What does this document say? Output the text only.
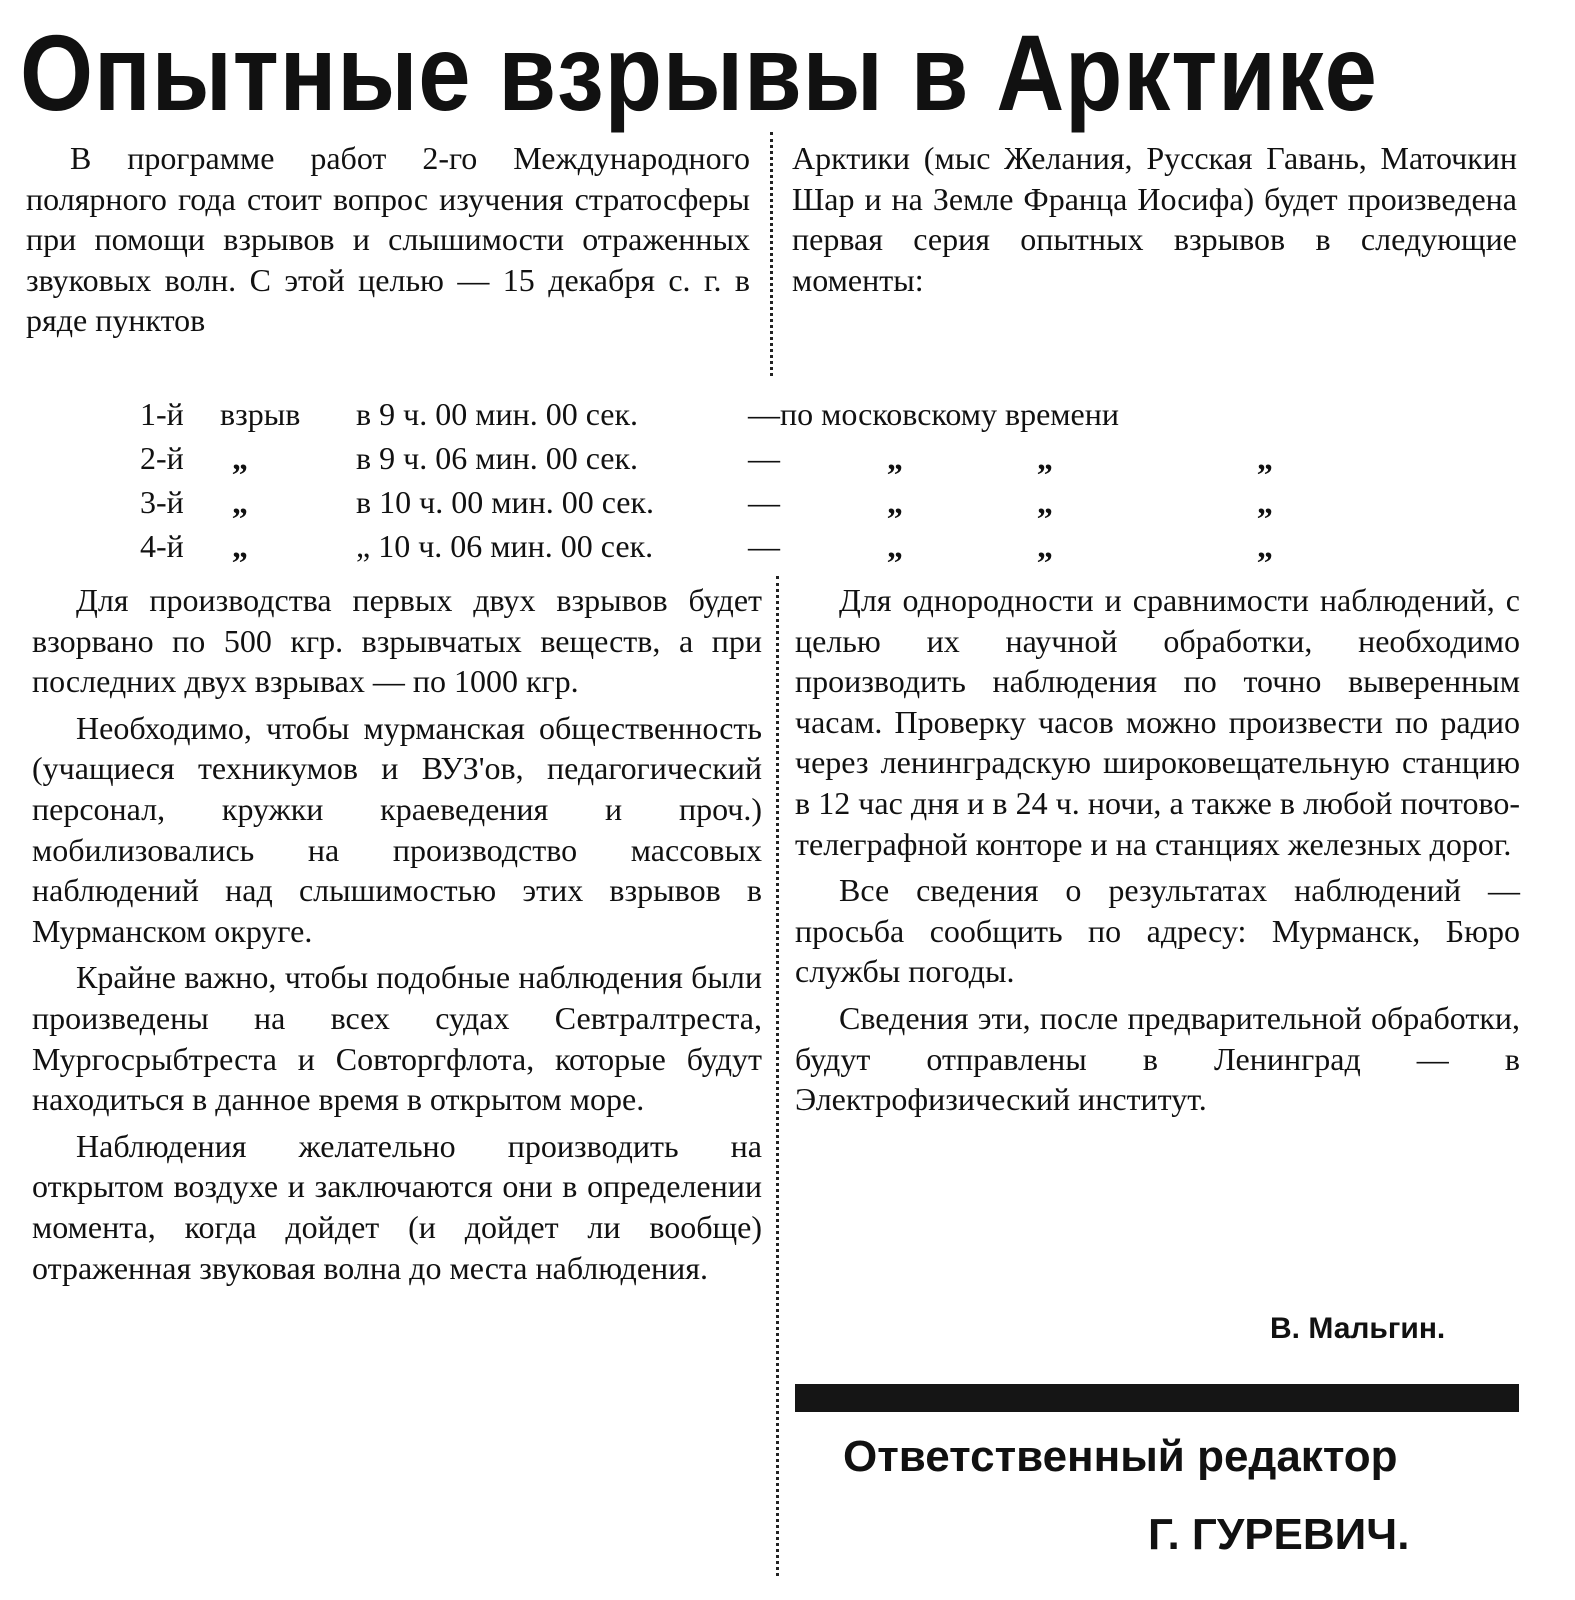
Опытные взрывы в Арктике

В программе работ 2-го Международного полярного года стоит вопрос изучения стратосферы при помощи взрывов и слышимости отраженных звуковых волн. С этой целью — 15 декабря с. г. в ряде пунктов

Арктики (мыс Желания, Русская Гавань, Маточкин Шар и на Земле Франца Иосифа) будет произведена первая серия опытных взрывов в следующие моменты:

1-й взрыв в 9 ч. 00 мин. 00 сек.	—по московскому времени
2-й	„	в 9 ч. 06 мин. 00 сек.	—	„	„	„
3-й	„	в 10 ч. 00 мин. 00 сек.	—	„	„	„
4-й	„	„ 10 ч. 06 мин. 00 сек.	—	„	„	„

Для производства первых двух взрывов будет взорвано по 500 кгр. взрывчатых веществ, а при последних двух взрывах — по 1000 кгр.

Необходимо, чтобы мурманская общественность (учащиеся техникумов и ВУЗ'ов, педагогический персонал, кружки краеведения и проч.) мобилизовались на производство массовых наблюдений над слышимостью этих взрывов в Мурманском округе.

Крайне важно, чтобы подобные наблюдения были произведены на всех судах Севтралтреста, Мургосрыбтреста и Совторгфлота, которые будут находиться в данное время в открытом море.

Наблюдения желательно производить на открытом воздухе и заключаются они в определении момента, когда дойдет (и дойдет ли вообще) отраженная звуковая волна до места наблюдения.

Для однородности и сравнимости наблюдений, с целью их научной обработки, необходимо производить наблюдения по точно выверенным часам. Проверку часов можно произвести по радио через ленинградскую широковещательную станцию в 12 час дня и в 24 ч. ночи, а также в любой почтово-телеграфной конторе и на станциях железных дорог.

Все сведения о результатах наблюдений — просьба сообщить по адресу: Мурманск, Бюро службы погоды.

Сведения эти, после предварительной обработки, будут отправлены в Ленинград — в Электрофизический институт.

В. Мальгин.
Ответственный редактор
Г. ГУРЕВИЧ.
